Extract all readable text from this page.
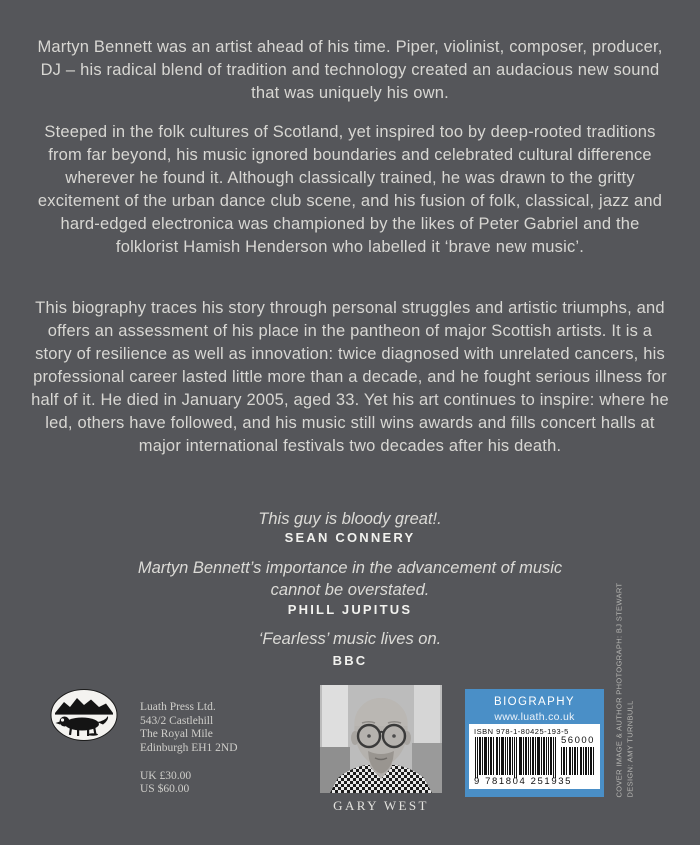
Martyn Bennett was an artist ahead of his time. Piper, violinist, composer, producer, DJ – his radical blend of tradition and technology created an audacious new sound that was uniquely his own.

Steeped in the folk cultures of Scotland, yet inspired too by deep-rooted traditions from far beyond, his music ignored boundaries and celebrated cultural difference wherever he found it. Although classically trained, he was drawn to the gritty excitement of the urban dance club scene, and his fusion of folk, classical, jazz and hard-edged electronica was championed by the likes of Peter Gabriel and the folklorist Hamish Henderson who labelled it ‘brave new music’.

This biography traces his story through personal struggles and artistic triumphs, and offers an assessment of his place in the pantheon of major Scottish artists. It is a story of resilience as well as innovation: twice diagnosed with unrelated cancers, his professional career lasted little more than a decade, and he fought serious illness for half of it. He died in January 2005, aged 33. Yet his art continues to inspire: where he led, others have followed, and his music still wins awards and fills concert halls at major international festivals two decades after his death.

This guy is bloody great!.

SEAN CONNERY

Martyn Bennett’s importance in the advancement of music cannot be overstated.

PHILL JUPITUS

‘Fearless’ music lives on.

BBC

Luath Press Ltd.
543/2 Castlehill
The Royal Mile
Edinburgh EH1 2ND
UK £30.00
US $60.00

GARY WEST

BIOGRAPHY

www.luath.co.uk

ISBN 978-1-80425-193-5

56000

9 781804 251935	COVER IMAGE & AUTHOR PHOTOGRAPH: BJ STEWART DESIGN: AMY TURNBULL
